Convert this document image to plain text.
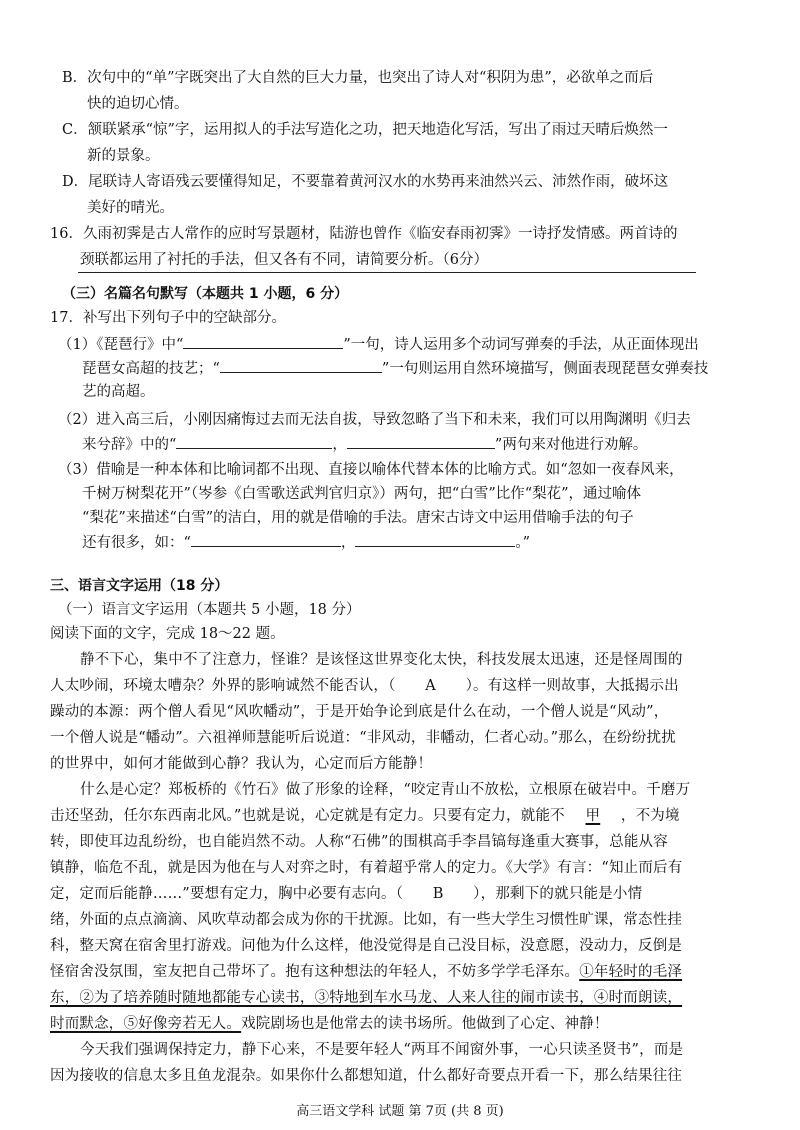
B．次句中的“单”字既突出了大自然的巨大力量，也突出了诗人对“积阴为患”，必欲单之而后
快的迫切心情。
C．颔联紧承“惊”字，运用拟人的手法写造化之功，把天地造化写活，写出了雨过天晴后焕然一
新的景象。
D．尾联诗人寄语残云要懂得知足，不要靠着黄河汉水的水势再来油然兴云、沛然作雨，破坏这
美好的晴光。
16．久雨初霁是古人常作的应时写景题材，陆游也曾作《临安春雨初霁》一诗抒发情感。两首诗的
颈联都运用了衬托的手法，但又各有不同，请简要分析。（6分）
（三）名篇名句默写（本题共 1 小题，6 分）
17．补写出下列句子中的空缺部分。
（1）《琵琶行》中“	”一句，诗人运用多个动词写弹奏的手法，从正面体现出
琵琶女高超的技艺；“	”一句则运用自然环境描写，侧面表现琵琶女弹奏技
艺的高超。
（2）进入高三后，小刚因痛悔过去而无法自拔，导致忽略了当下和未来，我们可以用陶渊明《归去
来兮辞》中的“	，	”两句来对他进行劝解。
（3）借喻是一种本体和比喻词都不出现、直接以喻体代替本体的比喻方式。如“忽如一夜春风来，
千树万树梨花开”（岑参《白雪歌送武判官归京》）两句，把“白雪”比作“梨花”，通过喻体
“梨花”来描述“白雪”的洁白，用的就是借喻的手法。唐宋古诗文中运用借喻手法的句子
还有很多，如：“	，	。”
三、语言文字运用（18 分）
（一）语言文字运用（本题共 5 小题，18 分）
阅读下面的文字，完成 18～22 题。
静不下心，集中不了注意力，怪谁？是该怪这世界变化太快，科技发展太迅速，还是怪周围的
人太吵闹，环境太嘈杂？外界的影响诚然不能否认，（ A ）。有这样一则故事，大抵揭示出
躁动的本源：两个僧人看见“风吹幡动”，于是开始争论到底是什么在动，一个僧人说是“风动”，
一个僧人说是“幡动”。六祖禅师慧能听后说道：“非风动，非幡动，仁者心动。”那么，在纷纷扰扰
的世界中，如何才能做到心静？我认为，心定而后方能静！
什么是心定？郑板桥的《竹石》做了形象的诠释，“咬定青山不放松，立根原在破岩中。千磨万
击还坚劲，任尔东西南北风。”也就是说，心定就是有定力。只要有定力，就能不 甲 ，不为境
转，即使耳边乱纷纷，也自能岿然不动。人称“石佛”的围棋高手李昌镐每逢重大赛事，总能从容
镇静，临危不乱，就是因为他在与人对弈之时，有着超乎常人的定力。《大学》有言：“知止而后有
定，定而后能静……”要想有定力，胸中必要有志向。（ B ），那剩下的就只能是小情
绪，外面的点点滴滴、风吹草动都会成为你的干扰源。比如，有一些大学生习惯性旷课，常态性挂
科，整天窝在宿舍里打游戏。问他为什么这样，他没觉得是自己没目标，没意愿，没动力，反倒是
怪宿舍没氛围，室友把自己带坏了。抱有这种想法的年轻人，不妨多学学毛泽东。①年轻时的毛泽
东，②为了培养随时随地都能专心读书，③特地到车水马龙、人来人往的闹市读书，④时而朗读，
时而默念，⑤好像旁若无人。戏院剧场也是他常去的读书场所。他做到了心定、神静！
今天我们强调保持定力，静下心来，不是要年轻人“两耳不闻窗外事，一心只读圣贤书”，而是
因为接收的信息太多且鱼龙混杂。如果你什么都想知道，什么都好奇要点开看一下，那么结果往往
高三语文学科 试题 第 7页 (共 8 页)
